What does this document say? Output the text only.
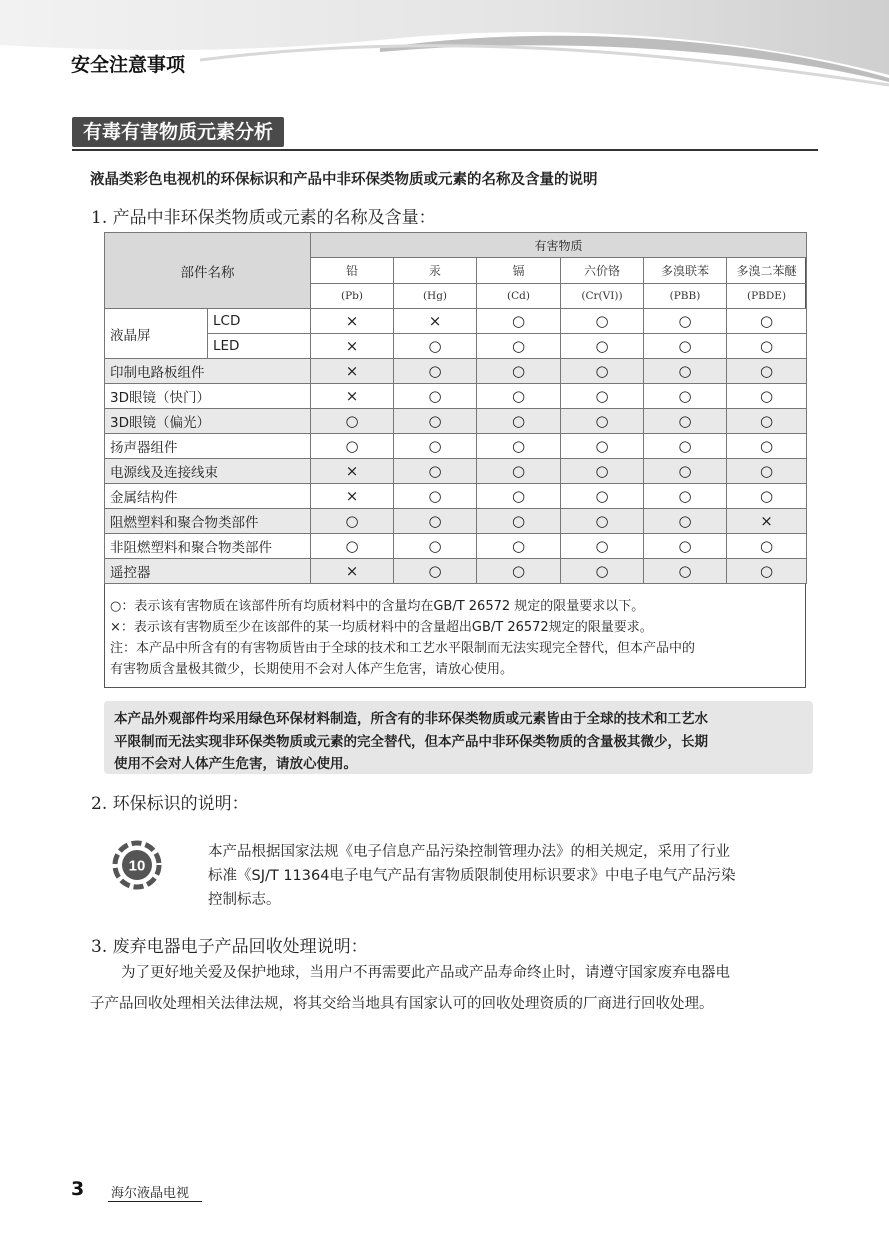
安全注意事项
有毒有害物质元素分析
液晶类彩色电视机的环保标识和产品中非环保类物质或元素的名称及含量的说明
1. 产品中非环保类物质或元素的名称及含量：
部件名称		有害物质					
		铅	汞	镉	六价铬	多溴联苯	多溴二苯醚
		(Pb)	(Hg)	(Cd)	(Cr(VI))	(PBB)	(PBDE)
液晶屏	LCD	×	×	○	○	○	○
	LED	×	○	○	○	○	○
印制电路板组件		×	○	○	○	○	○
3D眼镜（快门）		×	○	○	○	○	○
3D眼镜（偏光）		○	○	○	○	○	○
扬声器组件		○	○	○	○	○	○
电源线及连接线束		×	○	○	○	○	○
金属结构件		×	○	○	○	○	○
阻燃塑料和聚合物类部件		○	○	○	○	○	×
非阻燃塑料和聚合物类部件		○	○	○	○	○	○
遥控器		×	○	○	○	○	○
○：表示该有害物质在该部件所有均质材料中的含量均在GB/T 26572 规定的限量要求以下。
×：表示该有害物质至少在该部件的某一均质材料中的含量超出GB/T 26572规定的限量要求。
注：本产品中所含有的有害物质皆由于全球的技术和工艺水平限制而无法实现完全替代，但本产品中的
有害物质含量极其微少，长期使用不会对人体产生危害，请放心使用。
本产品外观部件均采用绿色环保材料制造，所含有的非环保类物质或元素皆由于全球的技术和工艺水
平限制而无法实现非环保类物质或元素的完全替代，但本产品中非环保类物质的含量极其微少，长期
使用不会对人体产生危害，请放心使用。
2. 环保标识的说明：
10
本产品根据国家法规《电子信息产品污染控制管理办法》的相关规定，采用了行业
标准《SJ/T 11364电子电气产品有害物质限制使用标识要求》中电子电气产品污染
控制标志。
3. 废弃电器电子产品回收处理说明：
为了更好地关爱及保护地球，当用户不再需要此产品或产品寿命终止时，请遵守国家废弃电器电
子产品回收处理相关法律法规，将其交给当地具有国家认可的回收处理资质的厂商进行回收处理。
3 海尔液晶电视
